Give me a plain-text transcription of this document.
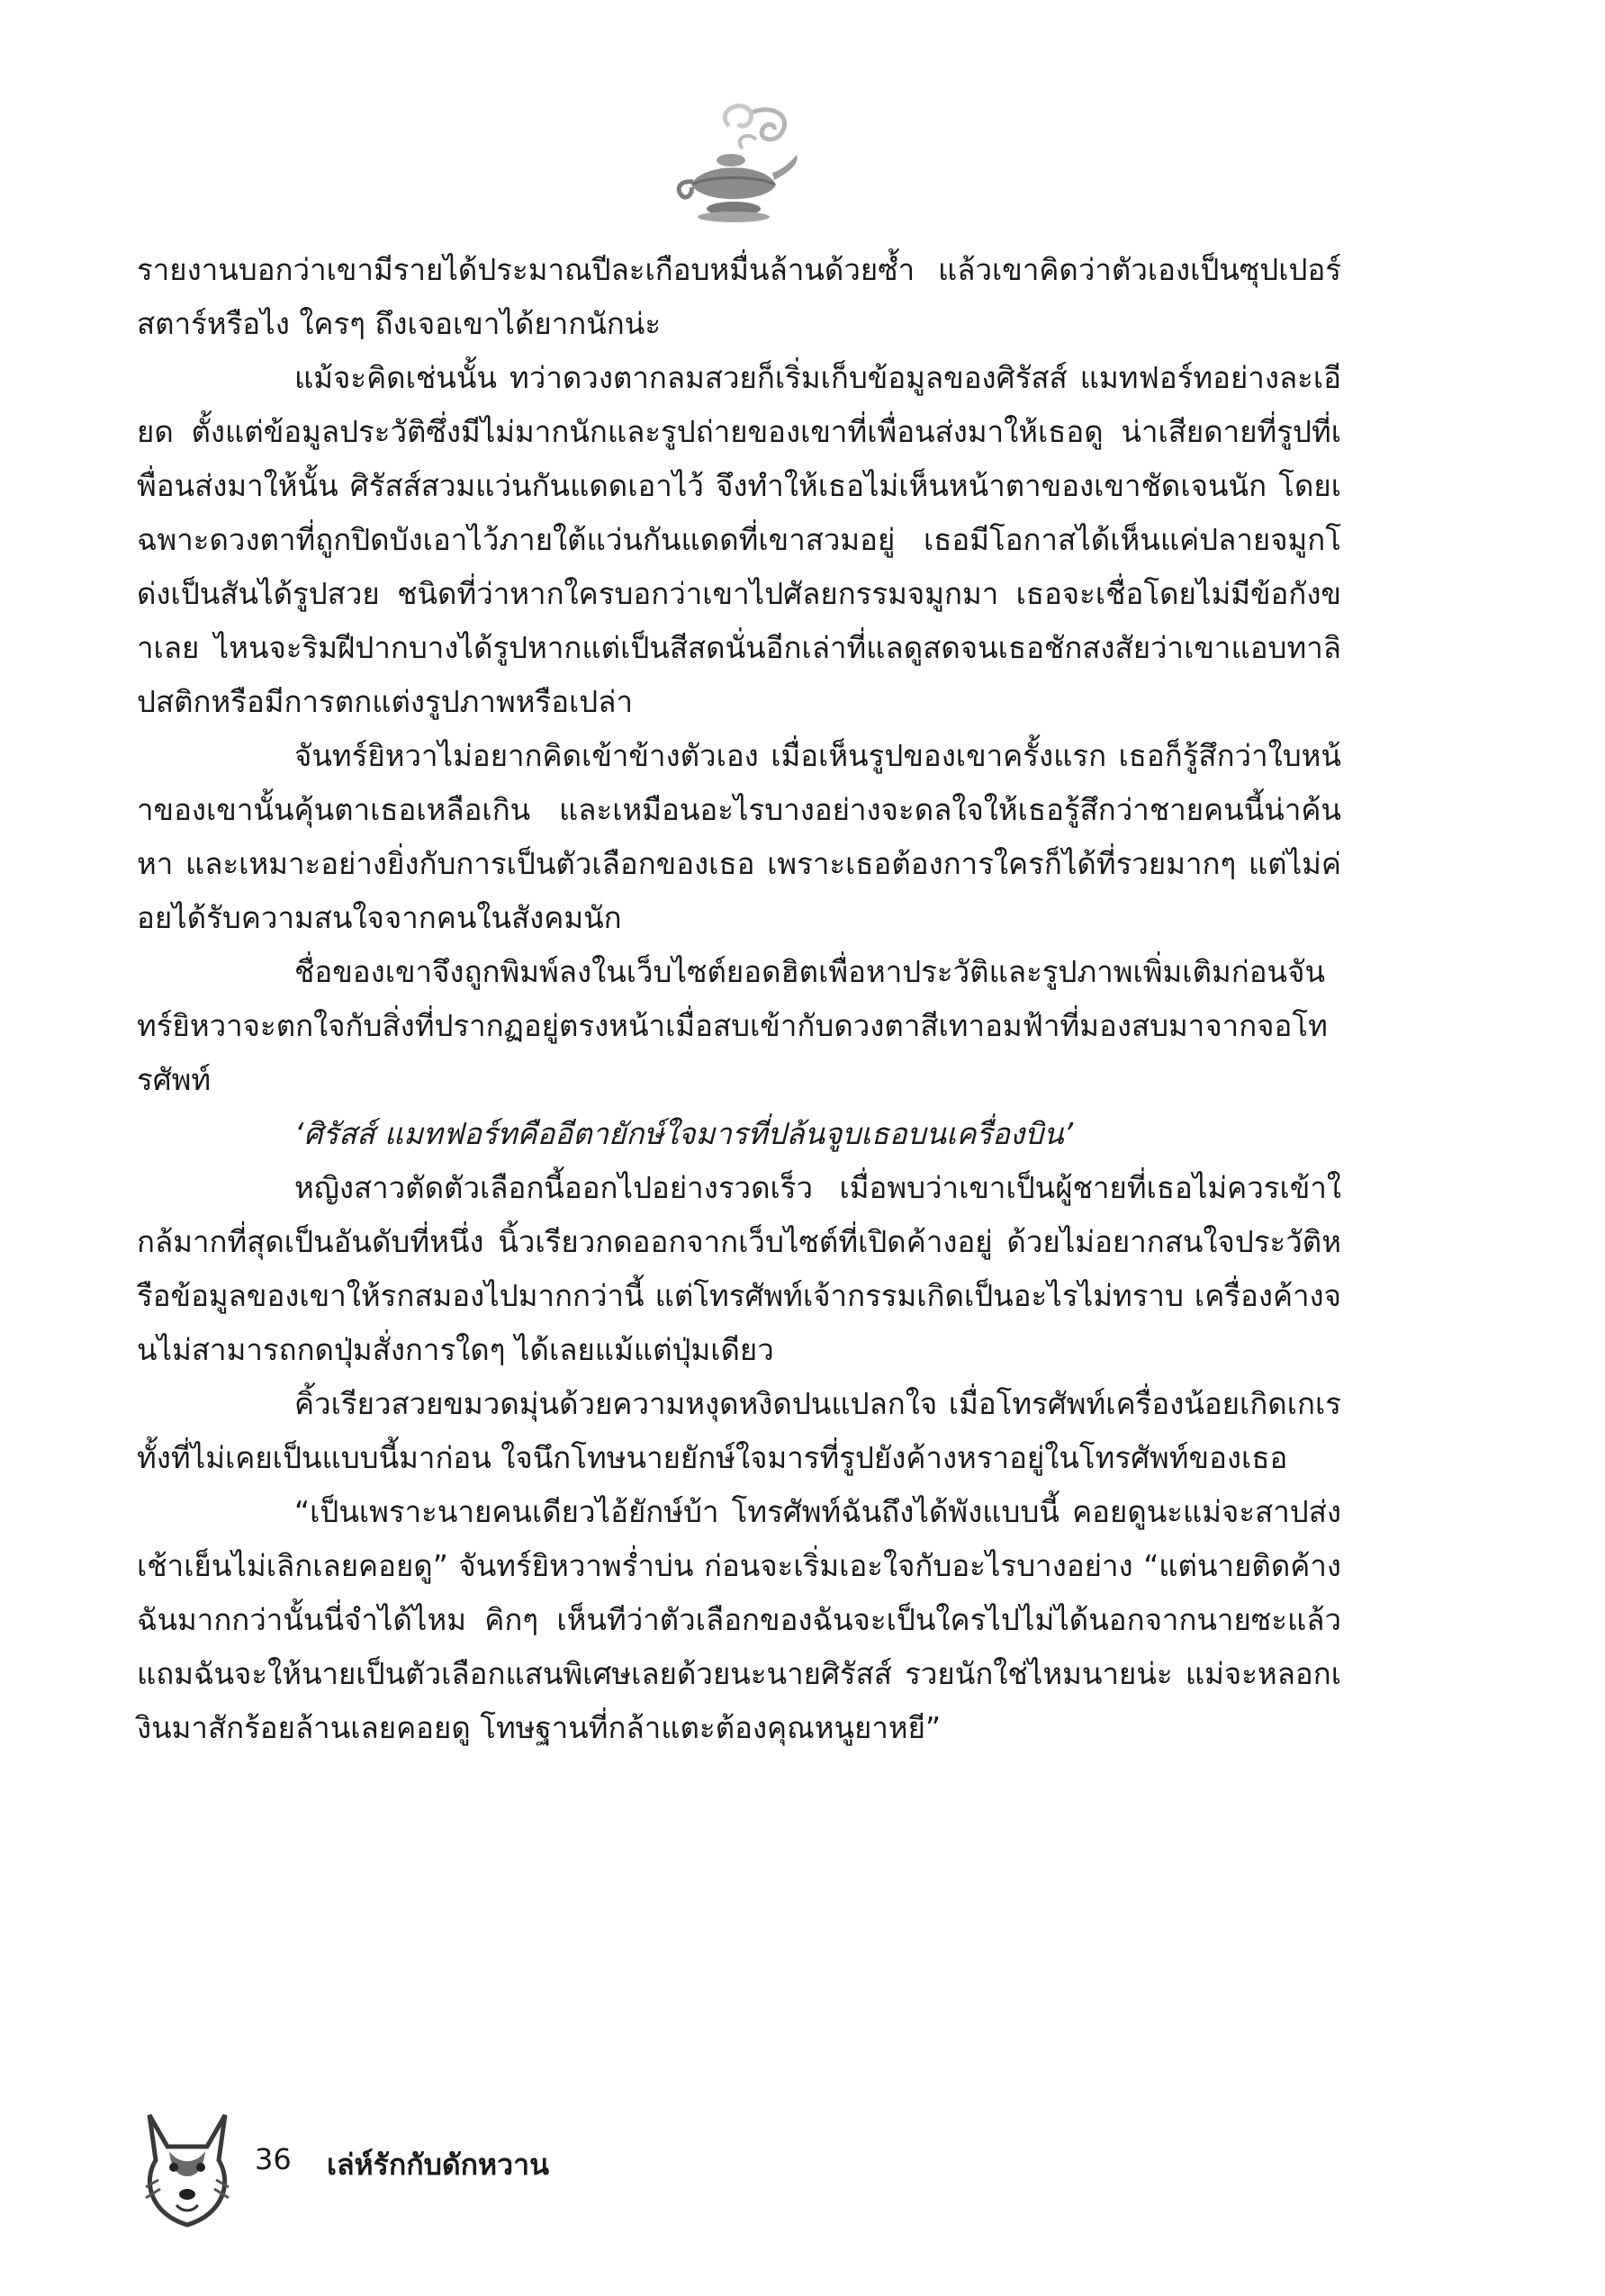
รายงานบอกว่าเขามีรายได้ประมาณปีละเกือบหมื่นล้านด้วยซ้ำ แล้วเขาคิดว่าตัวเองเป็นซุปเปอร์สตาร์หรือไง ใครๆ ถึงเจอเขาได้ยากนักน่ะ

แม้จะคิดเช่นนั้น ทว่าดวงตากลมสวยก็เริ่มเก็บข้อมูลของศิรัสส์ แมทฟอร์ทอย่างละเอียด ตั้งแต่ข้อมูลประวัติซึ่งมีไม่มากนักและรูปถ่ายของเขาที่เพื่อนส่งมาให้เธอดู น่าเสียดายที่รูปที่เพื่อนส่งมาให้นั้น ศิรัสส์สวมแว่นกันแดดเอาไว้ จึงทำให้เธอไม่เห็นหน้าตาของเขาชัดเจนนัก โดยเฉพาะดวงตาที่ถูกปิดบังเอาไว้ภายใต้แว่นกันแดดที่เขาสวมอยู่ เธอมีโอกาสได้เห็นแค่ปลายจมูกโด่งเป็นสันได้รูปสวย ชนิดที่ว่าหากใครบอกว่าเขาไปศัลยกรรมจมูกมา เธอจะเชื่อโดยไม่มีข้อกังขาเลย ไหนจะริมฝีปากบางได้รูปหากแต่เป็นสีสดนั่นอีกเล่าที่แลดูสดจนเธอชักสงสัยว่าเขาแอบทาลิปสติกหรือมีการตกแต่งรูปภาพหรือเปล่า

จันทร์ยิหวาไม่อยากคิดเข้าข้างตัวเอง เมื่อเห็นรูปของเขาครั้งแรก เธอก็รู้สึกว่าใบหน้าของเขานั้นคุ้นตาเธอเหลือเกิน และเหมือนอะไรบางอย่างจะดลใจให้เธอรู้สึกว่าชายคนนี้น่าค้นหา และเหมาะอย่างยิ่งกับการเป็นตัวเลือกของเธอ เพราะเธอต้องการใครก็ได้ที่รวยมากๆ แต่ไม่ค่อยได้รับความสนใจจากคนในสังคมนัก

ชื่อของเขาจึงถูกพิมพ์ลงในเว็บไซต์ยอดฮิตเพื่อหาประวัติและรูปภาพเพิ่มเติมก่อนจันทร์ยิหวาจะตกใจกับสิ่งที่ปรากฏอยู่ตรงหน้าเมื่อสบเข้ากับดวงตาสีเทาอมฟ้าที่มองสบมาจากจอโทรศัพท์

‘ศิรัสส์ แมทฟอร์ทคืออีตายักษ์ใจมารที่ปล้นจูบเธอบนเครื่องบิน’

หญิงสาวตัดตัวเลือกนี้ออกไปอย่างรวดเร็ว เมื่อพบว่าเขาเป็นผู้ชายที่เธอไม่ควรเข้าใกล้มากที่สุดเป็นอันดับที่หนึ่ง นิ้วเรียวกดออกจากเว็บไซต์ที่เปิดค้างอยู่ ด้วยไม่อยากสนใจประวัติหรือข้อมูลของเขาให้รกสมองไปมากกว่านี้ แต่โทรศัพท์เจ้ากรรมเกิดเป็นอะไรไม่ทราบ เครื่องค้างจนไม่สามารถกดปุ่มสั่งการใดๆ ได้เลยแม้แต่ปุ่มเดียว

คิ้วเรียวสวยขมวดมุ่นด้วยความหงุดหงิดปนแปลกใจ เมื่อโทรศัพท์เครื่องน้อยเกิดเกเรทั้งที่ไม่เคยเป็นแบบนี้มาก่อน ใจนึกโทษนายยักษ์ใจมารที่รูปยังค้างหราอยู่ในโทรศัพท์ของเธอ

“เป็นเพราะนายคนเดียวไอ้ยักษ์บ้า โทรศัพท์ฉันถึงได้พังแบบนี้ คอยดูนะแม่จะสาปส่งเช้าเย็นไม่เลิกเลยคอยดู” จันทร์ยิหวาพร่ำบ่น ก่อนจะเริ่มเอะใจกับอะไรบางอย่าง “แต่นายติดค้างฉันมากกว่านั้นนี่จำได้ไหม คิกๆ เห็นทีว่าตัวเลือกของฉันจะเป็นใครไปไม่ได้นอกจากนายซะแล้ว แถมฉันจะให้นายเป็นตัวเลือกแสนพิเศษเลยด้วยนะนายศิรัสส์ รวยนักใช่ไหมนายน่ะ แม่จะหลอกเงินมาสักร้อยล้านเลยคอยดู โทษฐานที่กล้าแตะต้องคุณหนูยาหยี”

36 เล่ห์รักกับดักหวาน
